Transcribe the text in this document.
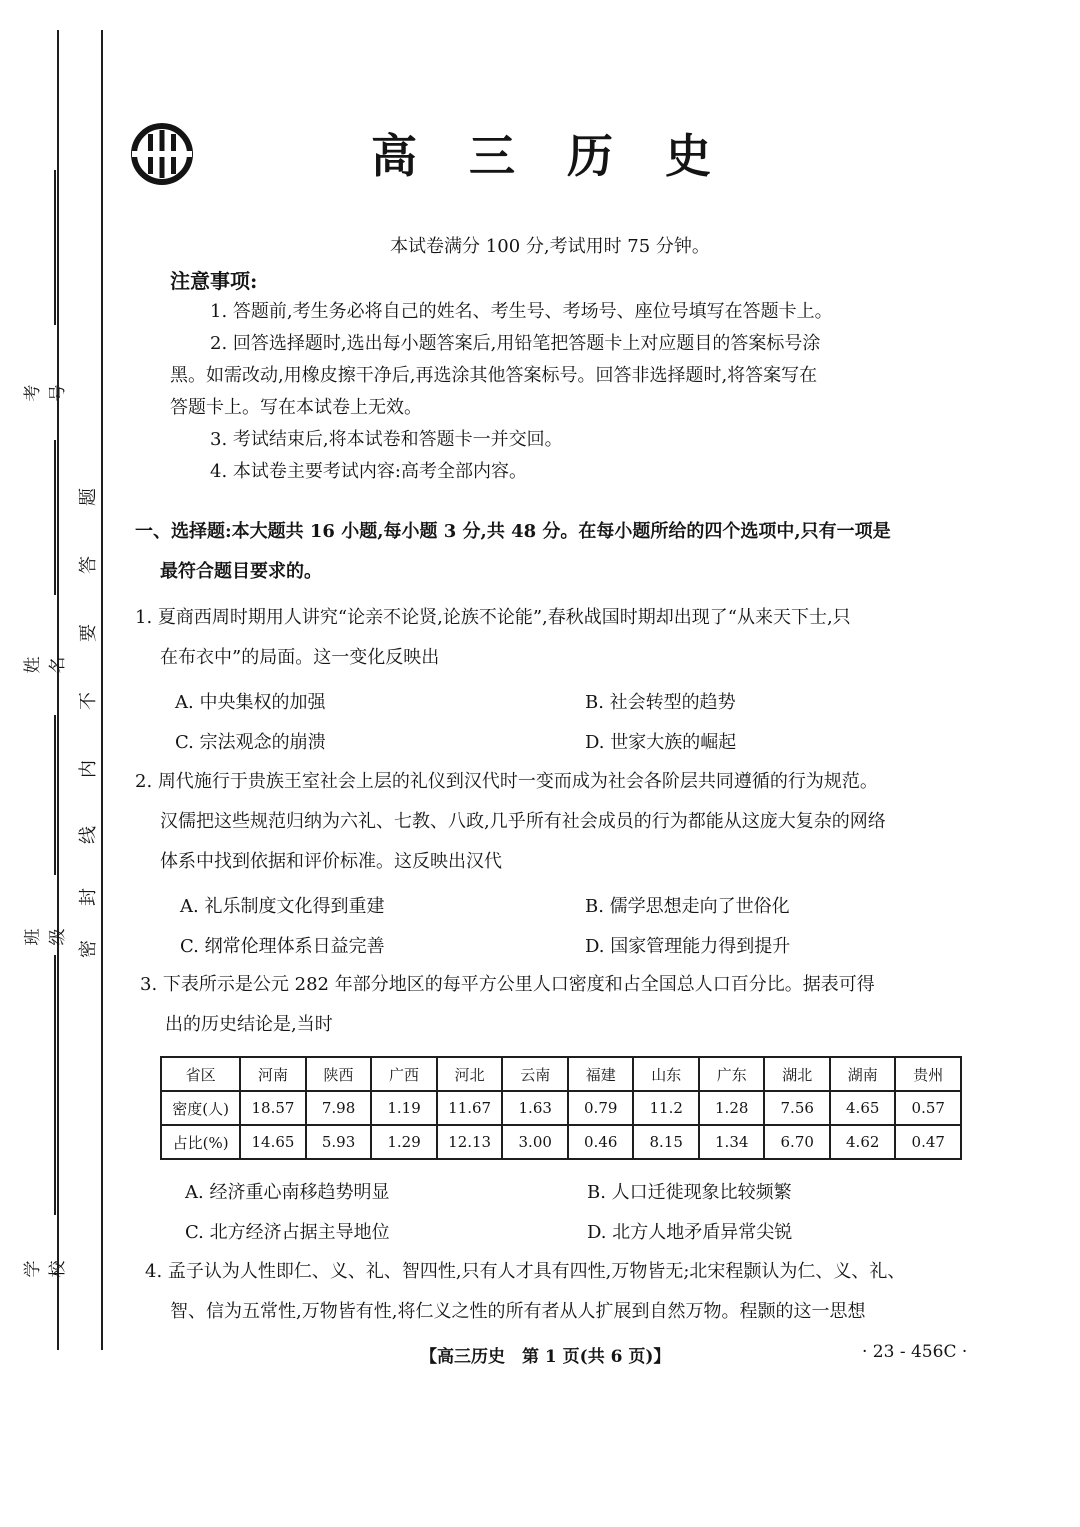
考号
姓名
班级
学校
题
答
要
不
内
线
封
密
高 三 历 史
本试卷满分 100 分,考试用时 75 分钟。
注意事项:
1. 答题前,考生务必将自己的姓名、考生号、考场号、座位号填写在答题卡上。
2. 回答选择题时,选出每小题答案后,用铅笔把答题卡上对应题目的答案标号涂
黑。如需改动,用橡皮擦干净后,再选涂其他答案标号。回答非选择题时,将答案写在
答题卡上。写在本试卷上无效。
3. 考试结束后,将本试卷和答题卡一并交回。
4. 本试卷主要考试内容:高考全部内容。
一、选择题:本大题共 16 小题,每小题 3 分,共 48 分。在每小题所给的四个选项中,只有一项是
最符合题目要求的。
1. 夏商西周时期用人讲究“论亲不论贤,论族不论能”,春秋战国时期却出现了“从来天下士,只
在布衣中”的局面。这一变化反映出
A. 中央集权的加强	B. 社会转型的趋势
C. 宗法观念的崩溃	D. 世家大族的崛起
2. 周代施行于贵族王室社会上层的礼仪到汉代时一变而成为社会各阶层共同遵循的行为规范。
汉儒把这些规范归纳为六礼、七教、八政,几乎所有社会成员的行为都能从这庞大复杂的网络
体系中找到依据和评价标准。这反映出汉代
A. 礼乐制度文化得到重建	B. 儒学思想走向了世俗化
C. 纲常伦理体系日益完善	D. 国家管理能力得到提升
3. 下表所示是公元 282 年部分地区的每平方公里人口密度和占全国总人口百分比。据表可得
出的历史结论是,当时
省区	河南	陕西	广西	河北	云南	福建	山东	广东	湖北	湖南	贵州
密度(人)	18.57	7.98	1.19	11.67	1.63	0.79	11.2	1.28	7.56	4.65	0.57
占比(%)	14.65	5.93	1.29	12.13	3.00	0.46	8.15	1.34	6.70	4.62	0.47
A. 经济重心南移趋势明显	B. 人口迁徙现象比较频繁
C. 北方经济占据主导地位	D. 北方人地矛盾异常尖锐
4. 孟子认为人性即仁、义、礼、智四性,只有人才具有四性,万物皆无;北宋程颢认为仁、义、礼、
智、信为五常性,万物皆有性,将仁义之性的所有者从人扩展到自然万物。程颢的这一思想
【高三历史　第 1 页(共 6 页)】	· 23 - 456C ·
